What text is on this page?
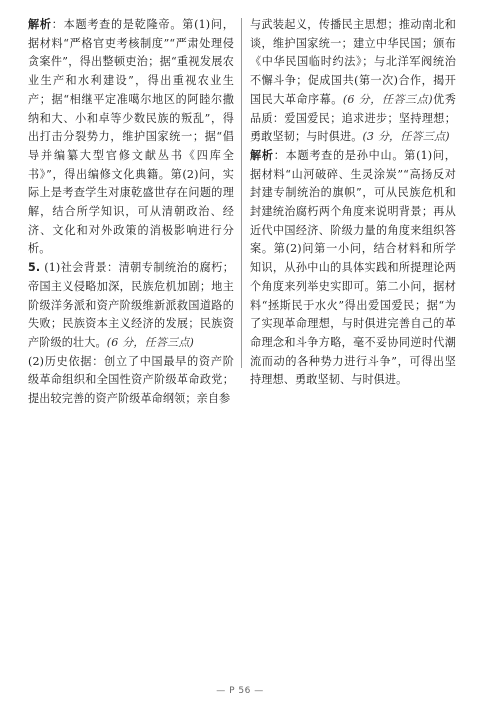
解析：本题考查的是乾隆帝。第(1)问，据材料“严格官吏考核制度”“严肃处理侵贪案件”，得出整顿吏治；据“重视发展农业生产和水利建设”，得出重视农业生产；据“相继平定准噶尔地区的阿睦尔撒纳和大、小和卓等少数民族的叛乱”，得出打击分裂势力，维护国家统一；据“倡导并编纂大型官修文献丛书《四库全书》”，得出编修文化典籍。第(2)问，实际上是考查学生对康乾盛世存在问题的理解，结合所学知识，可从清朝政治、经济、文化和对外政策的消极影响进行分析。

5. (1)社会背景：清朝专制统治的腐朽；帝国主义侵略加深，民族危机加剧；地主阶级洋务派和资产阶级维新派救国道路的失败；民族资本主义经济的发展；民族资产阶级的壮大。(6 分，任答三点)

(2)历史依据：创立了中国最早的资产阶级革命组织和全国性资产阶级革命政党；提出较完善的资产阶级革命纲领；亲自参

与武装起义，传播民主思想；推动南北和谈，维护国家统一；建立中华民国；颁布《中华民国临时约法》；与北洋军阀统治不懈斗争；促成国共(第一次)合作，揭开国民大革命序幕。(6 分，任答三点)优秀品质：爱国爱民；追求进步；坚持理想；勇敢坚韧；与时俱进。(3 分，任答三点)

解析：本题考查的是孙中山。第(1)问，据材料“山河破碎、生灵涂炭”“高扬反对封建专制统治的旗帜”，可从民族危机和封建统治腐朽两个角度来说明背景；再从近代中国经济、阶级力量的角度来组织答案。第(2)问第一小问，结合材料和所学知识，从孙中山的具体实践和所提理论两个角度来列举史实即可。第二小问，据材料“拯斯民于水火”得出爱国爱民；据“为了实现革命理想，与时俱进完善自己的革命理念和斗争方略，毫不妥协同逆时代潮流而动的各种势力进行斗争”，可得出坚持理想、勇敢坚韧、与时俱进。

— P 56 —
